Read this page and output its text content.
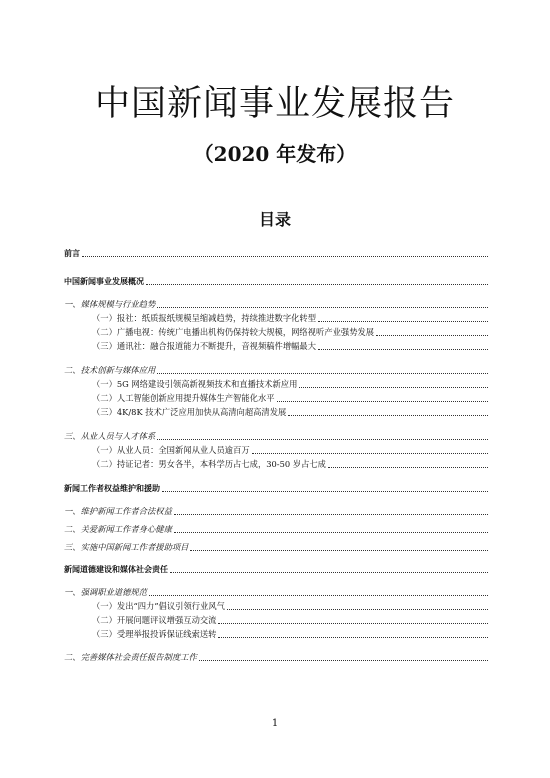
中国新闻事业发展报告
（2020 年发布）
目录
前言
中国新闻事业发展概况
一、媒体规模与行业趋势
（一）报社：纸质报纸规模呈缩减趋势，持续推进数字化转型
（二）广播电视：传统广电播出机构仍保持较大规模，网络视听产业强势发展
（三）通讯社：融合报道能力不断提升，音视频稿件增幅最大
二、技术创新与媒体应用
（一）5G 网络建设引领高新视频技术和直播技术新应用
（二）人工智能创新应用提升媒体生产智能化水平
（三）4K/8K 技术广泛应用加快从高清向超高清发展
三、从业人员与人才体系
（一）从业人员：全国新闻从业人员逾百万
（二）持证记者：男女各半，本科学历占七成，30-50 岁占七成
新闻工作者权益维护和援助
一、维护新闻工作者合法权益
二、关爱新闻工作者身心健康
三、实施中国新闻工作者援助项目
新闻道德建设和媒体社会责任
一、强调职业道德规范
（一）发出“四力”倡议引领行业风气
（二）开展问题评议增强互动交流
（三）受理举报投诉保证线索送转
二、完善媒体社会责任报告制度工作
1
